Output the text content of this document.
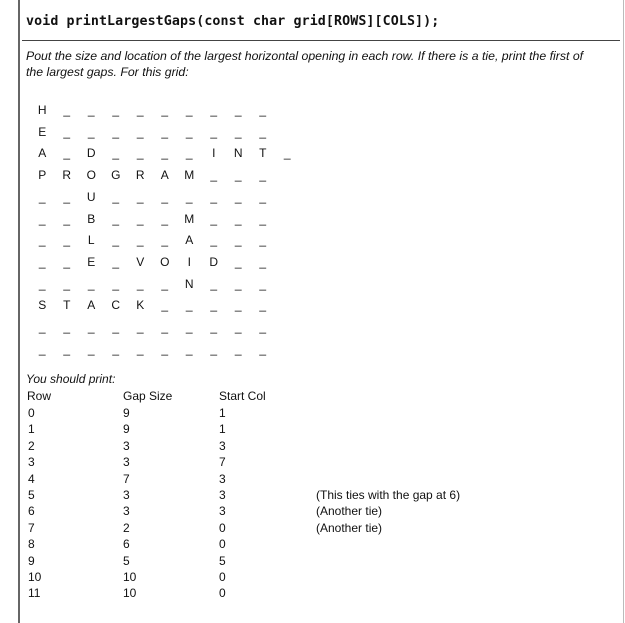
void printLargestGaps(const char grid[ROWS][COLS]);

Pout the size and location of the largest horizontal opening in each row. If there is a tie, print the first of the largest gaps. For this grid:

H	_	_	_	_	_	_	_	_	_
E	_	_	_	_	_	_	_	_	_
A	_	D	_	_	_	_	I	N	T	_
P	R	O	G	R	A	M	_	_	_
_	_	U	_	_	_	_	_	_	_
_	_	B	_	_	_	M	_	_	_
_	_	L	_	_	_	A	_	_	_
_	_	E	_	V	O	I	D	_	_
_	_	_	_	_	_	N	_	_	_
S	T	A	C	K	_	_	_	_	_
_	_	_	_	_	_	_	_	_	_
_	_	_	_	_	_	_	_	_	_

You should print:

Row	Gap Size	Start Col
0	9	1
1	9	1
2	3	3
3	3	7
4	7	3
5	3	3	(This ties with the gap at 6)
6	3	3	(Another tie)
7	2	0	(Another tie)
8	6	0
9	5	5
10	10	0
11	10	0
